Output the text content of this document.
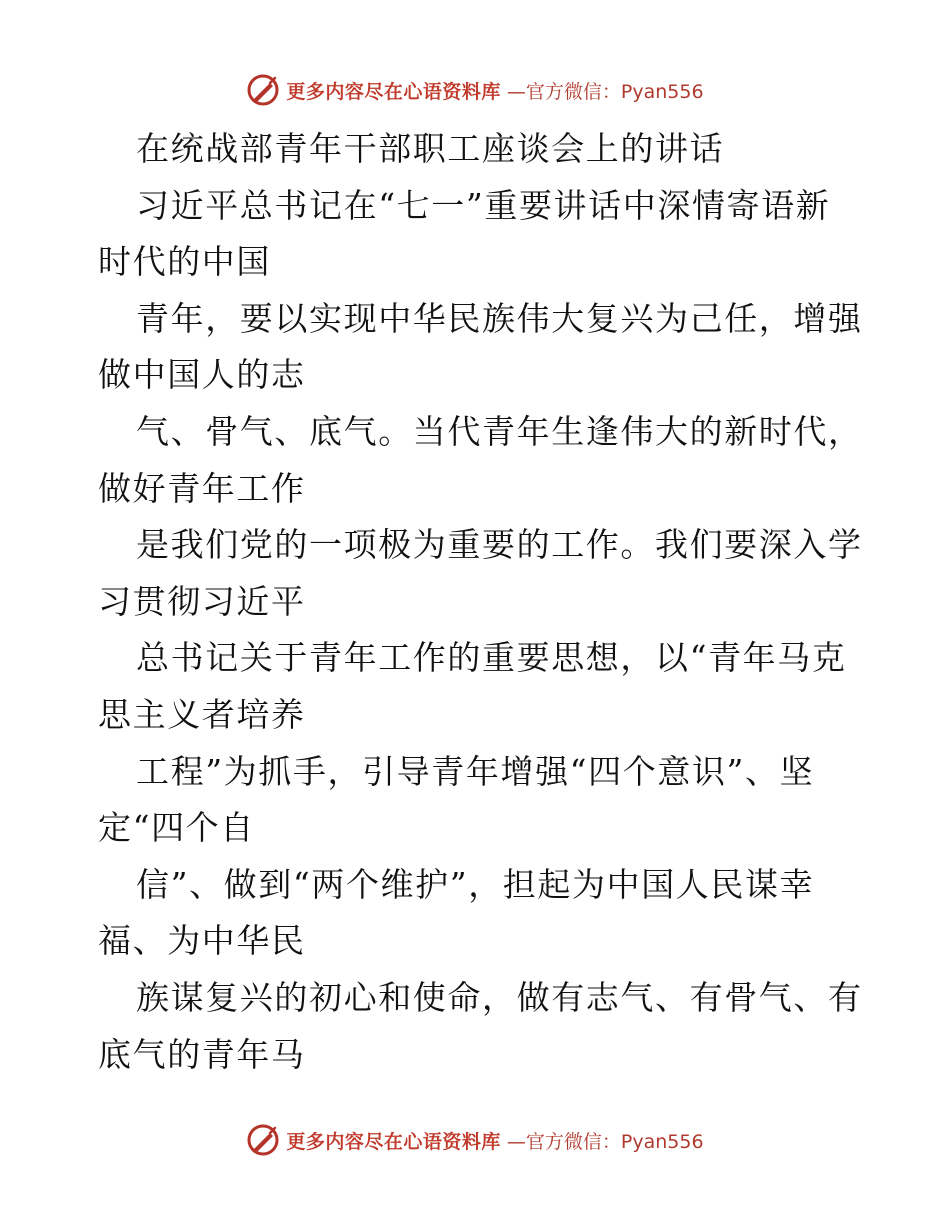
更多内容尽在心语资料库 —官方微信：Pyan556
在统战部青年干部职工座谈会上的讲话
习近平总书记在“七一”重要讲话中深情寄语新
时代的中国
青年，要以实现中华民族伟大复兴为己任，增强
做中国人的志
气、骨气、底气。当代青年生逢伟大的新时代，
做好青年工作
是我们党的一项极为重要的工作。我们要深入学
习贯彻习近平
总书记关于青年工作的重要思想，以“青年马克
思主义者培养
工程”为抓手，引导青年增强“四个意识”、坚
定“四个自
信”、做到“两个维护”，担起为中国人民谋幸
福、为中华民
族谋复兴的初心和使命，做有志气、有骨气、有
底气的青年马
更多内容尽在心语资料库 —官方微信：Pyan556
